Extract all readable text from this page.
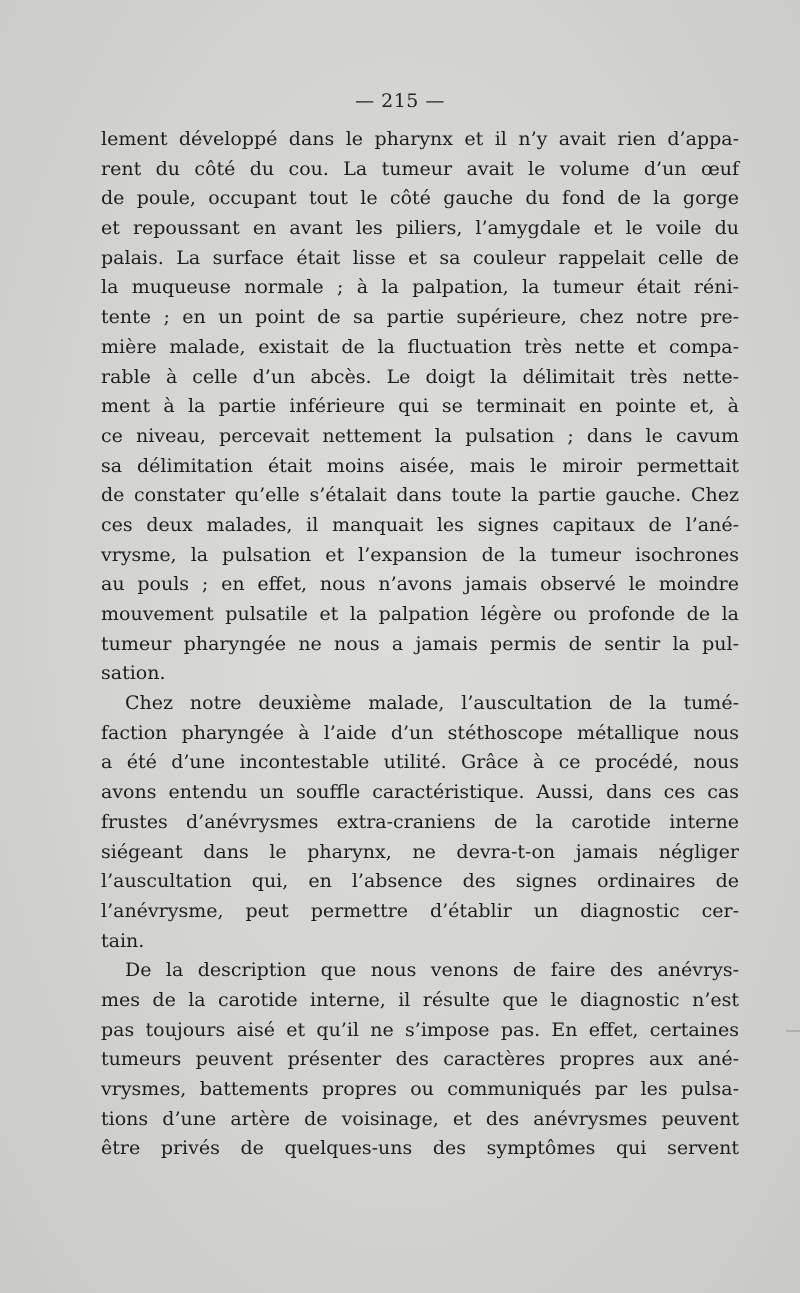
— 215 —
lement développé dans le pharynx et il n’y avait rien d’appa-
rent du côté du cou. La tumeur avait le volume d’un œuf
de poule, occupant tout le côté gauche du fond de la gorge
et repoussant en avant les piliers, l’amygdale et le voile du
palais. La surface était lisse et sa couleur rappelait celle de
la muqueuse normale ; à la palpation, la tumeur était réni-
tente ; en un point de sa partie supérieure, chez notre pre-
mière malade, existait de la fluctuation très nette et compa-
rable à celle d’un abcès. Le doigt la délimitait très nette-
ment à la partie inférieure qui se terminait en pointe et, à
ce niveau, percevait nettement la pulsation ; dans le cavum
sa délimitation était moins aisée, mais le miroir permettait
de constater qu’elle s’étalait dans toute la partie gauche. Chez
ces deux malades, il manquait les signes capitaux de l’ané-
vrysme, la pulsation et l’expansion de la tumeur isochrones
au pouls ; en effet, nous n’avons jamais observé le moindre
mouvement pulsatile et la palpation légère ou profonde de la
tumeur pharyngée ne nous a jamais permis de sentir la pul-
sation.
Chez notre deuxième malade, l’auscultation de la tumé-
faction pharyngée à l’aide d’un stéthoscope métallique nous
a été d’une incontestable utilité. Grâce à ce procédé, nous
avons entendu un souffle caractéristique. Aussi, dans ces cas
frustes d’anévrysmes extra-craniens de la carotide interne
siégeant dans le pharynx, ne devra-t-on jamais négliger
l’auscultation qui, en l’absence des signes ordinaires de
l’anévrysme, peut permettre d’établir un diagnostic cer-
tain.
De la description que nous venons de faire des anévrys-
mes de la carotide interne, il résulte que le diagnostic n’est
pas toujours aisé et qu’il ne s’impose pas. En effet, certaines
tumeurs peuvent présenter des caractères propres aux ané-
vrysmes, battements propres ou communiqués par les pulsa-
tions d’une artère de voisinage, et des anévrysmes peuvent
être privés de quelques-uns des symptômes qui servent
